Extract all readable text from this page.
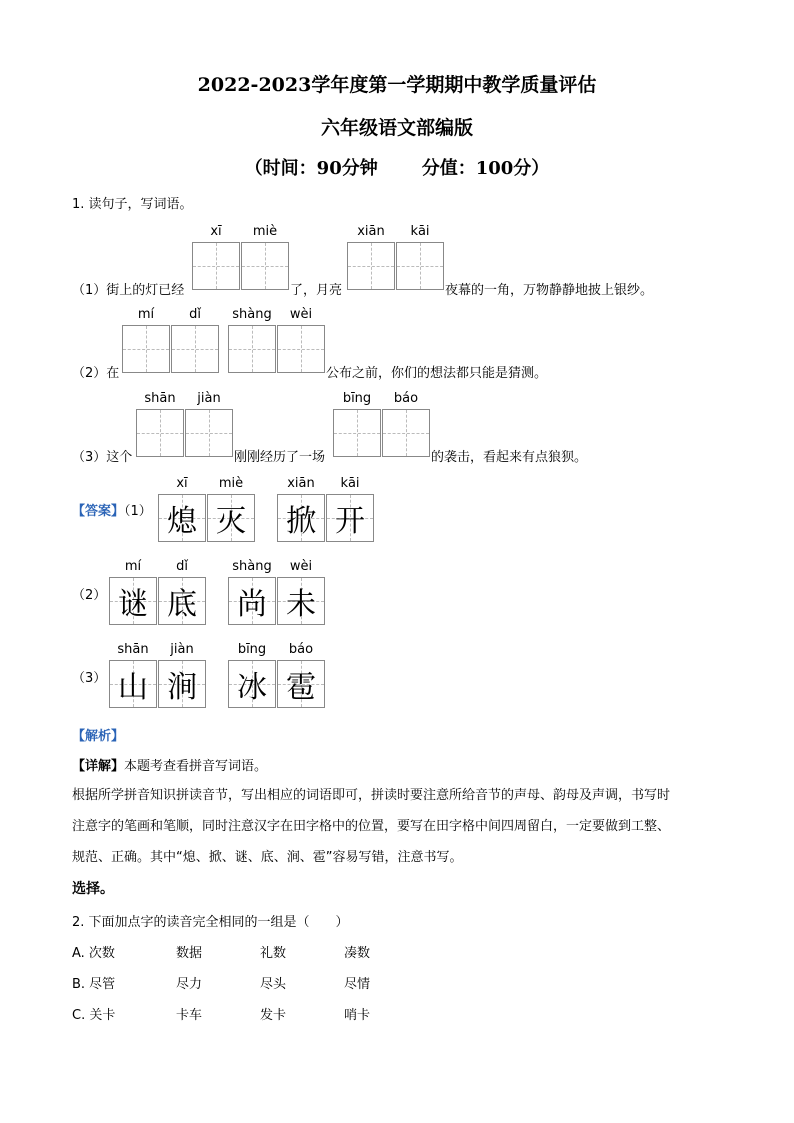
2022-2023学年度第一学期期中教学质量评估
六年级语文部编版
（时间：90分钟 分值：100分）
1. 读句子，写词语。
xī	miè	xiān	kāi
（1）街上的灯已经	了，月亮	夜幕的一角，万物静静地披上银纱。
mí	dǐ	shàng	wèi
（2）在	公布之前，你们的想法都只能是猜测。
shān	jiàn	bīng	báo
（3）这个	刚刚经历了一场	的袭击，看起来有点狼狈。
【答案】（1）
xī	miè	xiān	kāi
熄 灭 掀 开
（2）
mí	dǐ	shàng	wèi
谜 底 尚 未
（3）
shān	jiàn	bīng	báo
山 涧 冰 雹
【解析】
【详解】本题考查看拼音写词语。
根据所学拼音知识拼读音节，写出相应的词语即可，拼读时要注意所给音节的声母、韵母及声调，书写时
注意字的笔画和笔顺，同时注意汉字在田字格中的位置，要写在田字格中间四周留白，一定要做到工整、
规范、正确。其中“熄、掀、谜、底、涧、雹”容易写错，注意书写。
选择。
2. 下面加点字的读音完全相同的一组是（　　）
A. 次数	数据	礼数	凑数
B. 尽管	尽力	尽头	尽情
C. 关卡	卡车	发卡	哨卡
